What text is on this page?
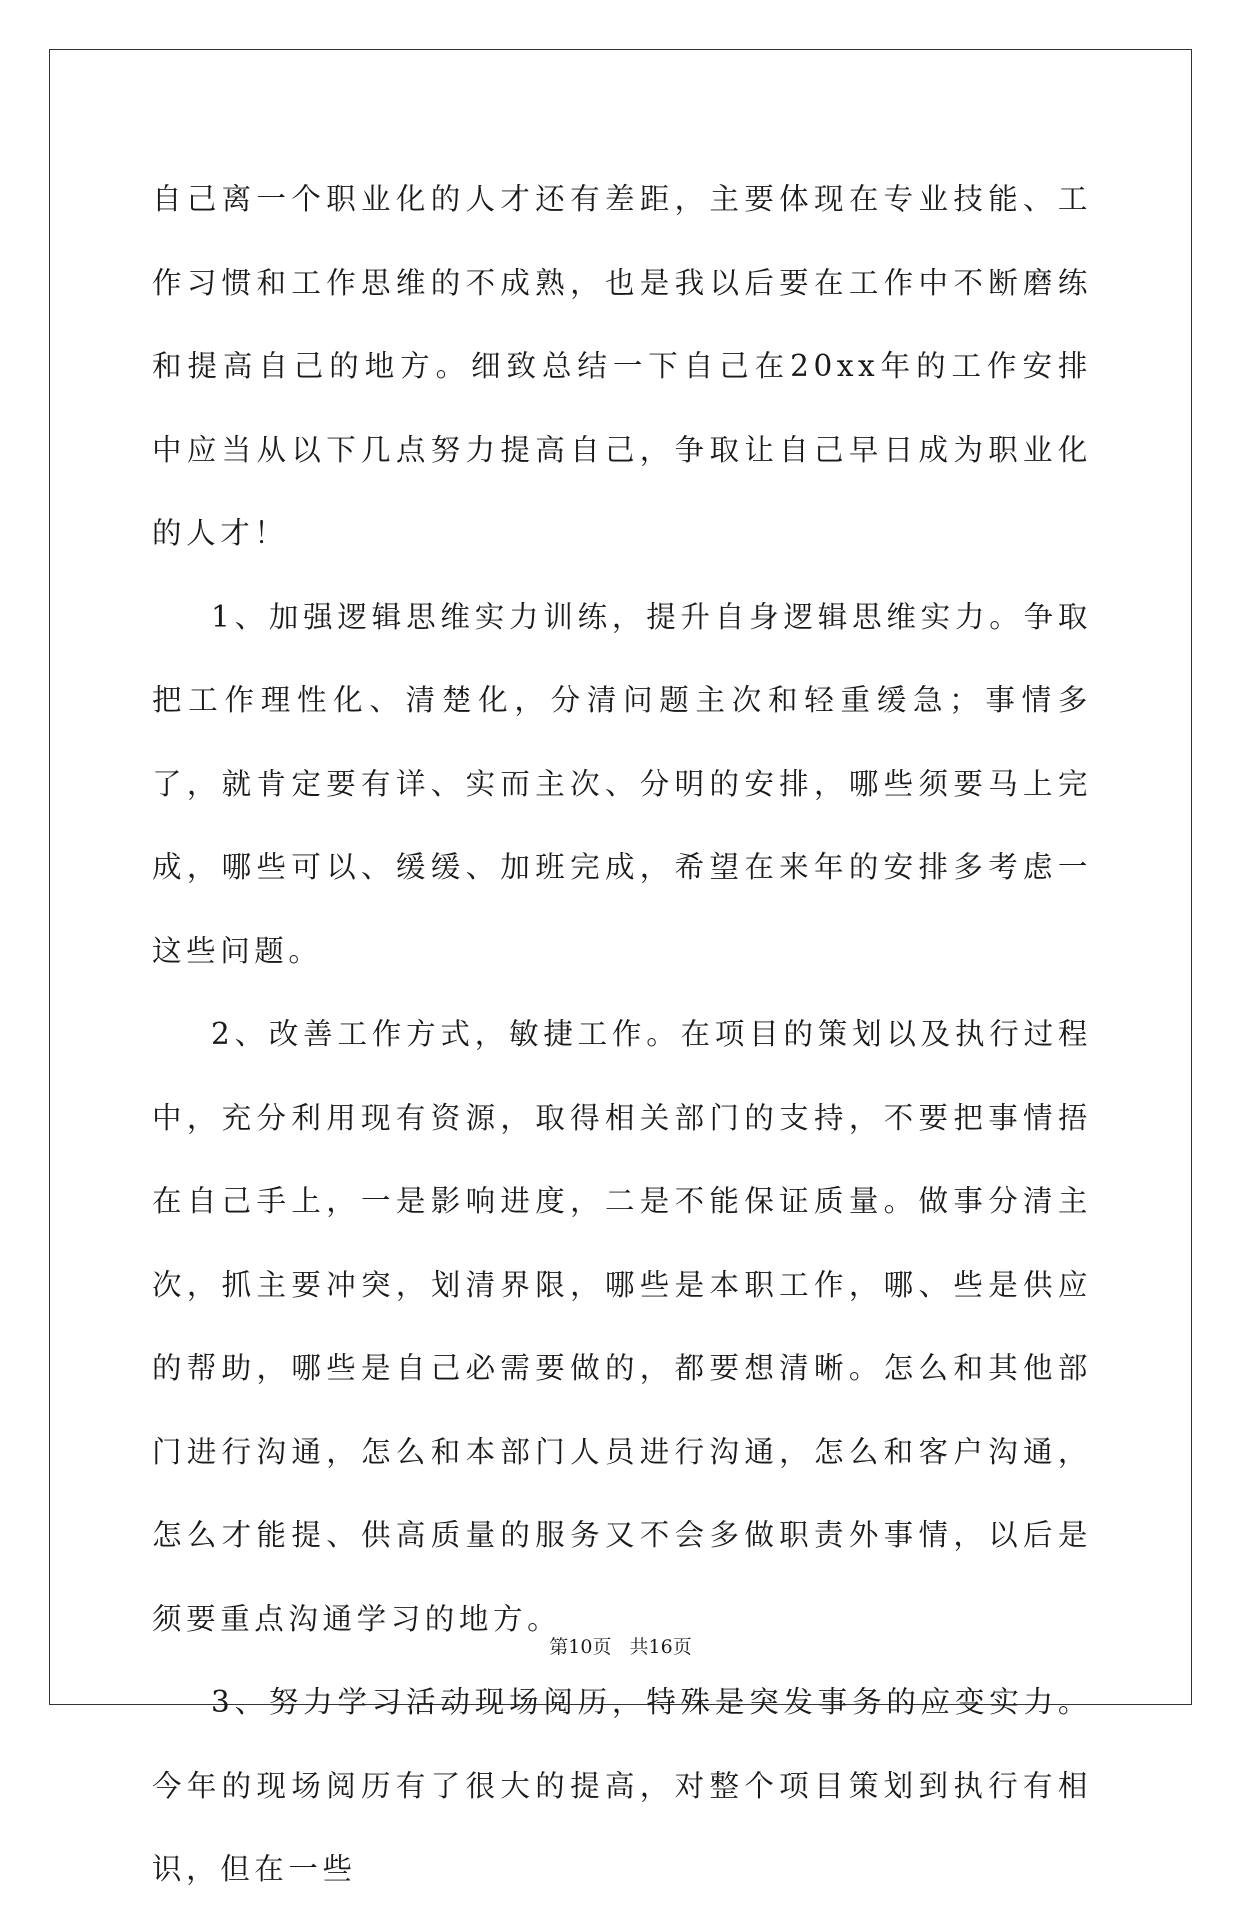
自己离一个职业化的人才还有差距，主要体现在专业技能、工作习惯和工作思维的不成熟，也是我以后要在工作中不断磨练和提高自己的地方。细致总结一下自己在20xx年的工作安排中应当从以下几点努力提高自己，争取让自己早日成为职业化的人才！

1、加强逻辑思维实力训练，提升自身逻辑思维实力。争取把工作理性化、清楚化，分清问题主次和轻重缓急；事情多了，就肯定要有详、实而主次、分明的安排，哪些须要马上完成，哪些可以、缓缓、加班完成，希望在来年的安排多考虑一这些问题。

2、改善工作方式，敏捷工作。在项目的策划以及执行过程中，充分利用现有资源，取得相关部门的支持，不要把事情捂在自己手上，一是影响进度，二是不能保证质量。做事分清主次，抓主要冲突，划清界限，哪些是本职工作，哪、些是供应的帮助，哪些是自己必需要做的，都要想清晰。怎么和其他部门进行沟通，怎么和本部门人员进行沟通，怎么和客户沟通，怎么才能提、供高质量的服务又不会多做职责外事情，以后是须要重点沟通学习的地方。

3、努力学习活动现场阅历，特殊是突发事务的应变实力。今年的现场阅历有了很大的提高，对整个项目策划到执行有相识，但在一些

第10页 共16页
